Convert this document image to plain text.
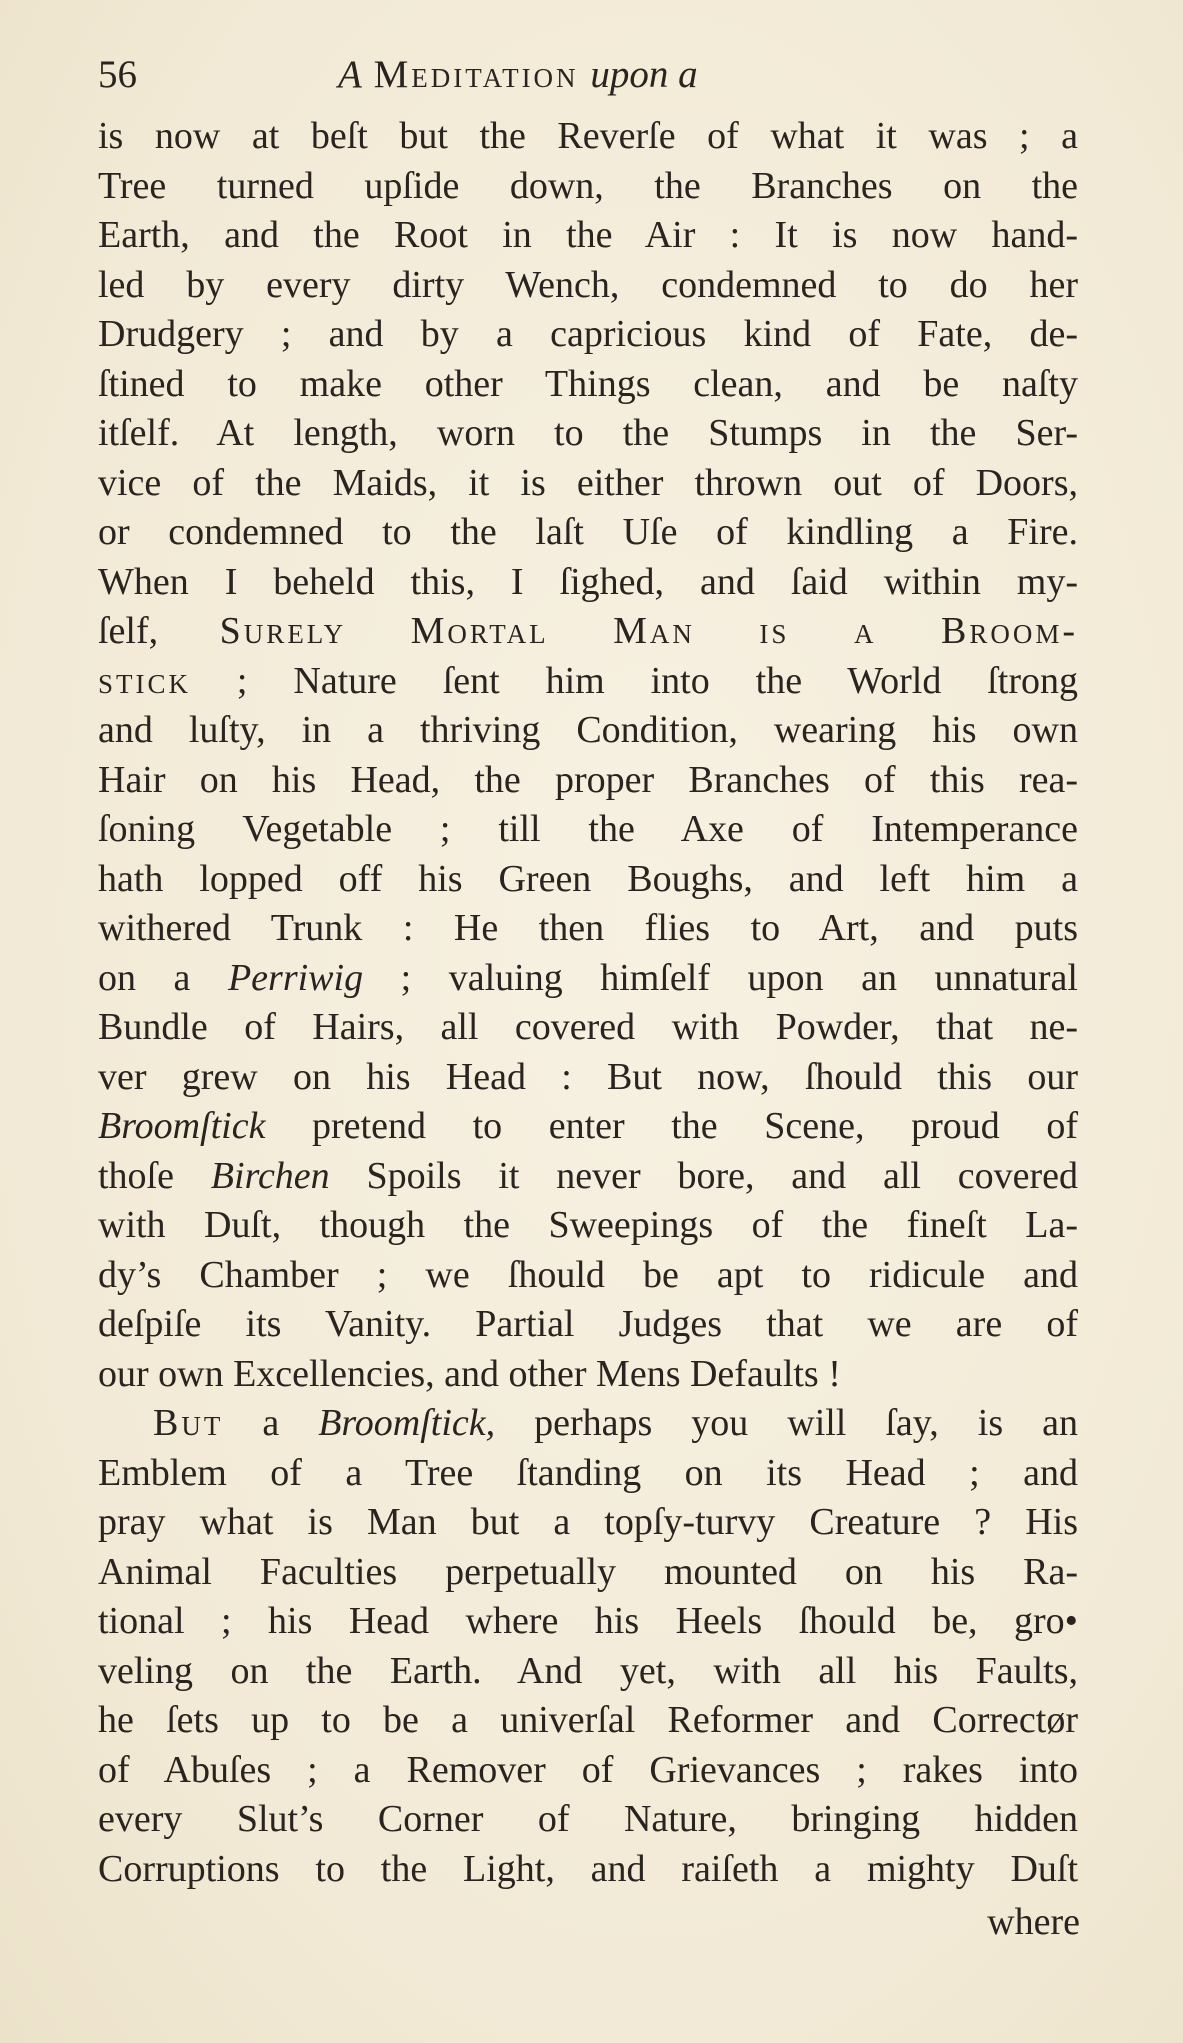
56	A Meditation upon a
is now at beſt but the Reverſe of what it was ; a
Tree turned upſide down, the Branches on the
Earth, and the Root in the Air : It is now hand-
led by every dirty Wench, condemned to do her
Drudgery ; and by a capricious kind of Fate, de-
ſtined to make other Things clean, and be naſty
itſelf. At length, worn to the Stumps in the Ser-
vice of the Maids, it is either thrown out of Doors,
or condemned to the laſt Uſe of kindling a Fire.
When I beheld this, I ſighed, and ſaid within my-
ſelf, Surely Mortal Man is a Broom-
stick ; Nature ſent him into the World ſtrong
and luſty, in a thriving Condition, wearing his own
Hair on his Head, the proper Branches of this rea-
ſoning Vegetable ; till the Axe of Intemperance
hath lopped off his Green Boughs, and left him a
withered Trunk : He then flies to Art, and puts
on a Perriwig ; valuing himſelf upon an unnatural
Bundle of Hairs, all covered with Powder, that ne-
ver grew on his Head : But now, ſhould this our
Broomſtick pretend to enter the Scene, proud of
thoſe Birchen Spoils it never bore, and all covered
with Duſt, though the Sweepings of the fineſt La-
dy’s Chamber ; we ſhould be apt to ridicule and
deſpiſe its Vanity. Partial Judges that we are of
our own Excellencies, and other Mens Defaults !
But a Broomſtick, perhaps you will ſay, is an
Emblem of a Tree ſtanding on its Head ; and
pray what is Man but a topſy-turvy Creature ? His
Animal Faculties perpetually mounted on his Ra-
tional ; his Head where his Heels ſhould be, gro•
veling on the Earth. And yet, with all his Faults,
he ſets up to be a univerſal Reformer and Correctør
of Abuſes ; a Remover of Grievances ; rakes into
every Slut’s Corner of Nature, bringing hidden
Corruptions to the Light, and raiſeth a mighty Duſt
where
